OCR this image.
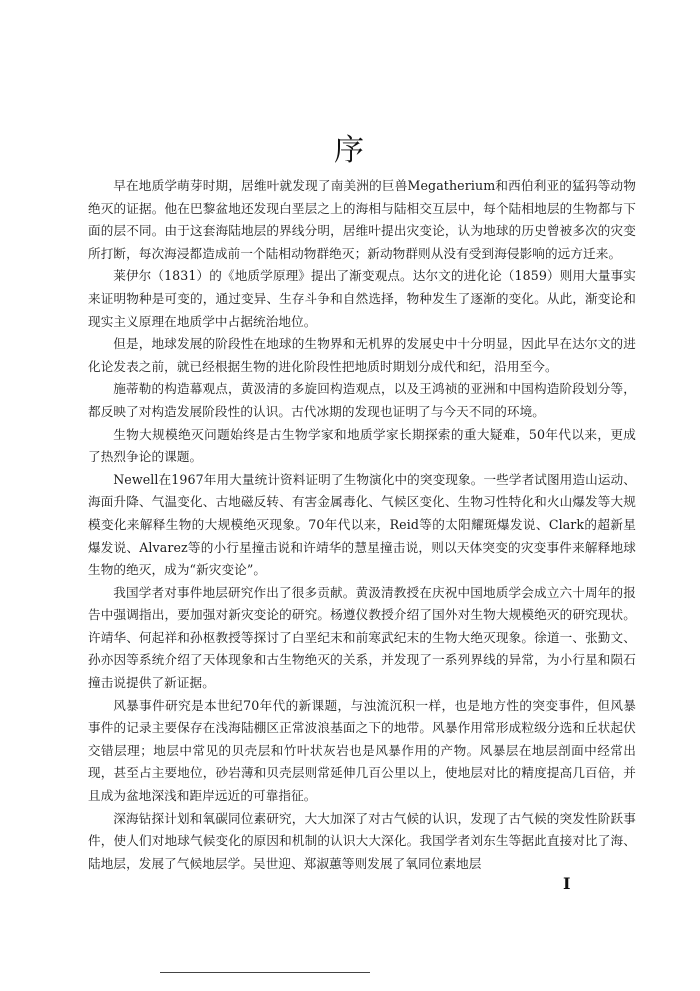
序

早在地质学萌芽时期，居维叶就发现了南美洲的巨兽Megatherium和西伯利亚的猛犸等动物绝灭的证据。他在巴黎盆地还发现白垩层之上的海相与陆相交互层中，每个陆相地层的生物都与下面的层不同。由于这套海陆地层的界线分明，居维叶提出灾变论，认为地球的历史曾被多次的灾变所打断，每次海浸都造成前一个陆相动物群绝灭；新动物群则从没有受到海侵影响的远方迁来。

莱伊尔（1831）的《地质学原理》提出了渐变观点。达尔文的进化论（1859）则用大量事实来证明物种是可变的，通过变异、生存斗争和自然选择，物种发生了逐渐的变化。从此，渐变论和现实主义原理在地质学中占据统治地位。

但是，地球发展的阶段性在地球的生物界和无机界的发展史中十分明显，因此早在达尔文的进化论发表之前，就已经根据生物的进化阶段性把地质时期划分成代和纪，沿用至今。

施蒂勒的构造幕观点，黄汲清的多旋回构造观点，以及王鸿祯的亚洲和中国构造阶段划分等，都反映了对构造发展阶段性的认识。古代冰期的发现也证明了与今天不同的环境。

生物大规模绝灭问题始终是古生物学家和地质学家长期探索的重大疑难，50年代以来，更成了热烈争论的课题。

Newell在1967年用大量统计资料证明了生物演化中的突变现象。一些学者试图用造山运动、海面升降、气温变化、古地磁反转、有害金属毒化、气候区变化、生物习性特化和火山爆发等大规模变化来解释生物的大规模绝灭现象。70年代以来，Reid等的太阳耀斑爆发说、Clark的超新星爆发说、Alvarez等的小行星撞击说和许靖华的慧星撞击说，则以天体突变的灾变事件来解释地球生物的绝灭，成为“新灾变论”。

我国学者对事件地层研究作出了很多贡献。黄汲清教授在庆祝中国地质学会成立六十周年的报告中强调指出，要加强对新灾变论的研究。杨遵仪教授介绍了国外对生物大规模绝灭的研究现状。许靖华、何起祥和孙枢教授等探讨了白垩纪末和前寒武纪末的生物大绝灭现象。徐道一、张勤文、孙亦因等系统介绍了天体现象和古生物绝灭的关系，并发现了一系列界线的异常，为小行星和陨石撞击说提供了新证据。

风暴事件研究是本世纪70年代的新课题，与浊流沉积一样，也是地方性的突变事件，但风暴事件的记录主要保存在浅海陆棚区正常波浪基面之下的地带。风暴作用常形成粒级分选和丘状起伏交错层理；地层中常见的贝壳层和竹叶状灰岩也是风暴作用的产物。风暴层在地层剖面中经常出现，甚至占主要地位，砂岩薄和贝壳层则常延伸几百公里以上，使地层对比的精度提高几百倍，并且成为盆地深浅和距岸远近的可靠指征。

深海钻探计划和氧碳同位素研究，大大加深了对古气候的认识，发现了古气候的突发性阶跃事件，使人们对地球气候变化的原因和机制的认识大大深化。我国学者刘东生等据此直接对比了海、陆地层，发展了气候地层学。吴世迎、郑淑蕙等则发展了氧同位素地层

I
